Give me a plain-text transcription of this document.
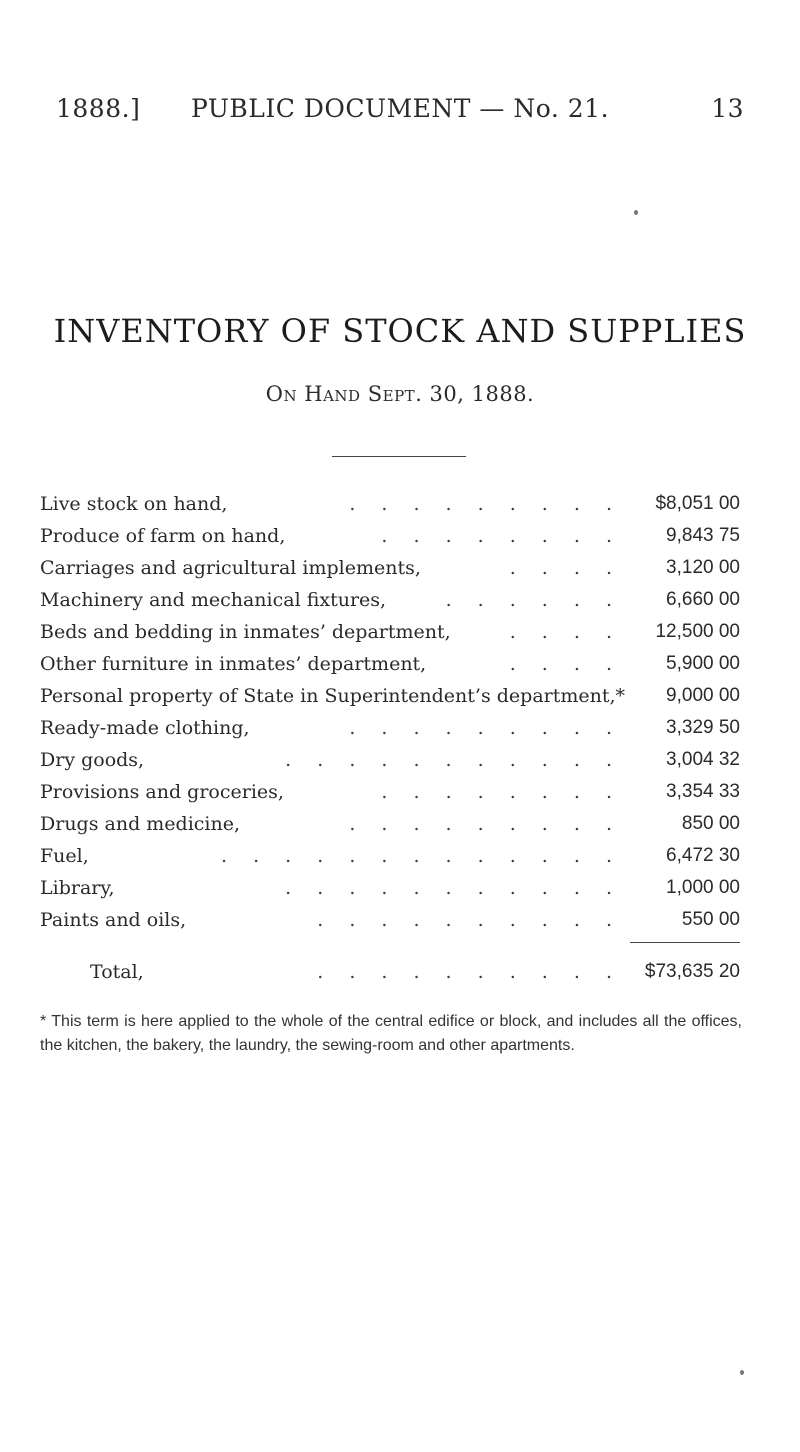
1888.]	PUBLIC DOCUMENT — No. 21.	13
INVENTORY OF STOCK AND SUPPLIES
On Hand Sept. 30, 1888.
Live stock on hand,	. . . . . . . . .	$8,051 00
Produce of farm on hand,	. . . . . . . .	9,843 75
Carriages and agricultural implements,	. . . .	3,120 00
Machinery and mechanical fixtures,	. . . . . .	6,660 00
Beds and bedding in inmates’ department,	. . . .	12,500 00
Other furniture in inmates’ department,	. . . .	5,900 00
Personal property of State in Superintendent’s department,*	9,000 00
Ready-made clothing,	. . . . . . . . .	3,329 50
Dry goods,	. . . . . . . . . . .	3,004 32
Provisions and groceries,	. . . . . . . .	3,354 33
Drugs and medicine,	. . . . . . . . .	850 00
Fuel,	. . . . . . . . . . . . .	6,472 30
Library,	. . . . . . . . . . .	1,000 00
Paints and oils,	. . . . . . . . . .	550 00
Total,	. . . . . . . . . .	$73,635 20
* This term is here applied to the whole of the central edifice or block, and includes all the offices, the kitchen, the bakery, the laundry, the sewing-room and other apartments.
